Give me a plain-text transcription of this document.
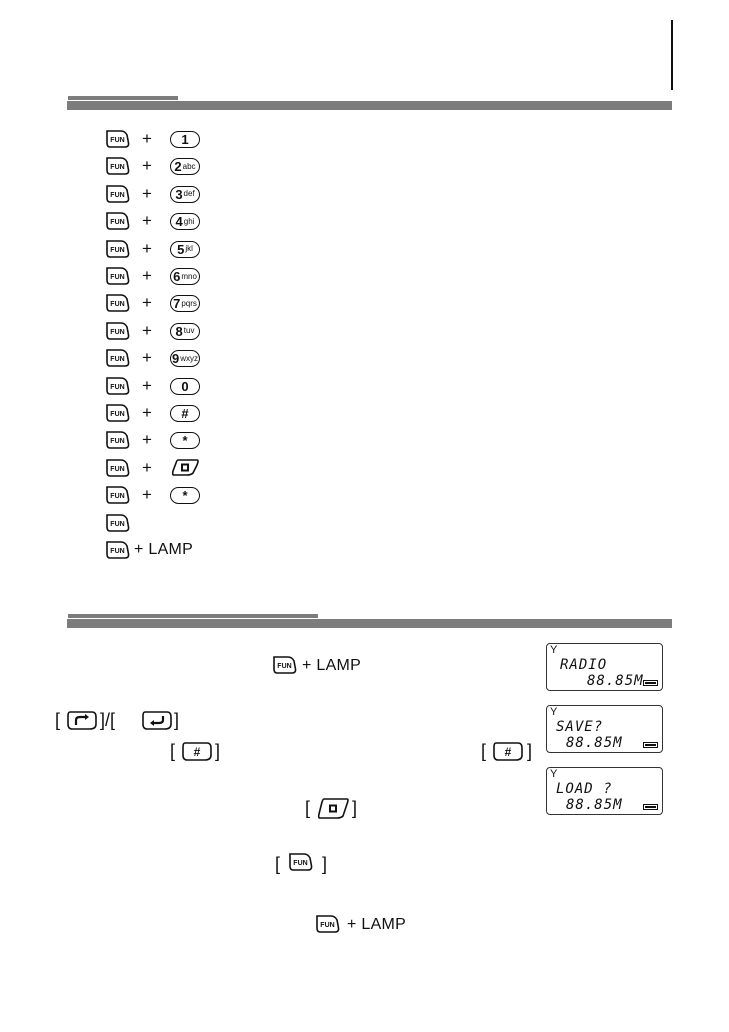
FUN +	1
FUN +	2 abc
FUN +	3 def
FUN +	4 ghi
FUN +	5 jkl
FUN +	6 mno
FUN +	7 pqrs
FUN +	8 tuv
FUN +	9 wxyz
FUN +	0
FUN +	#
FUN +	*
FUN +
FUN +	*
FUN
FUN + LAMP
FUN + LAMP
[ ]/[	]
[ # ]	[ # ]
[ ]
[ FUN ]
FUN + LAMP
Y
RADIO
88.85M
Y
SAVE?
88.85M
Y
LOAD ?
88.85M
